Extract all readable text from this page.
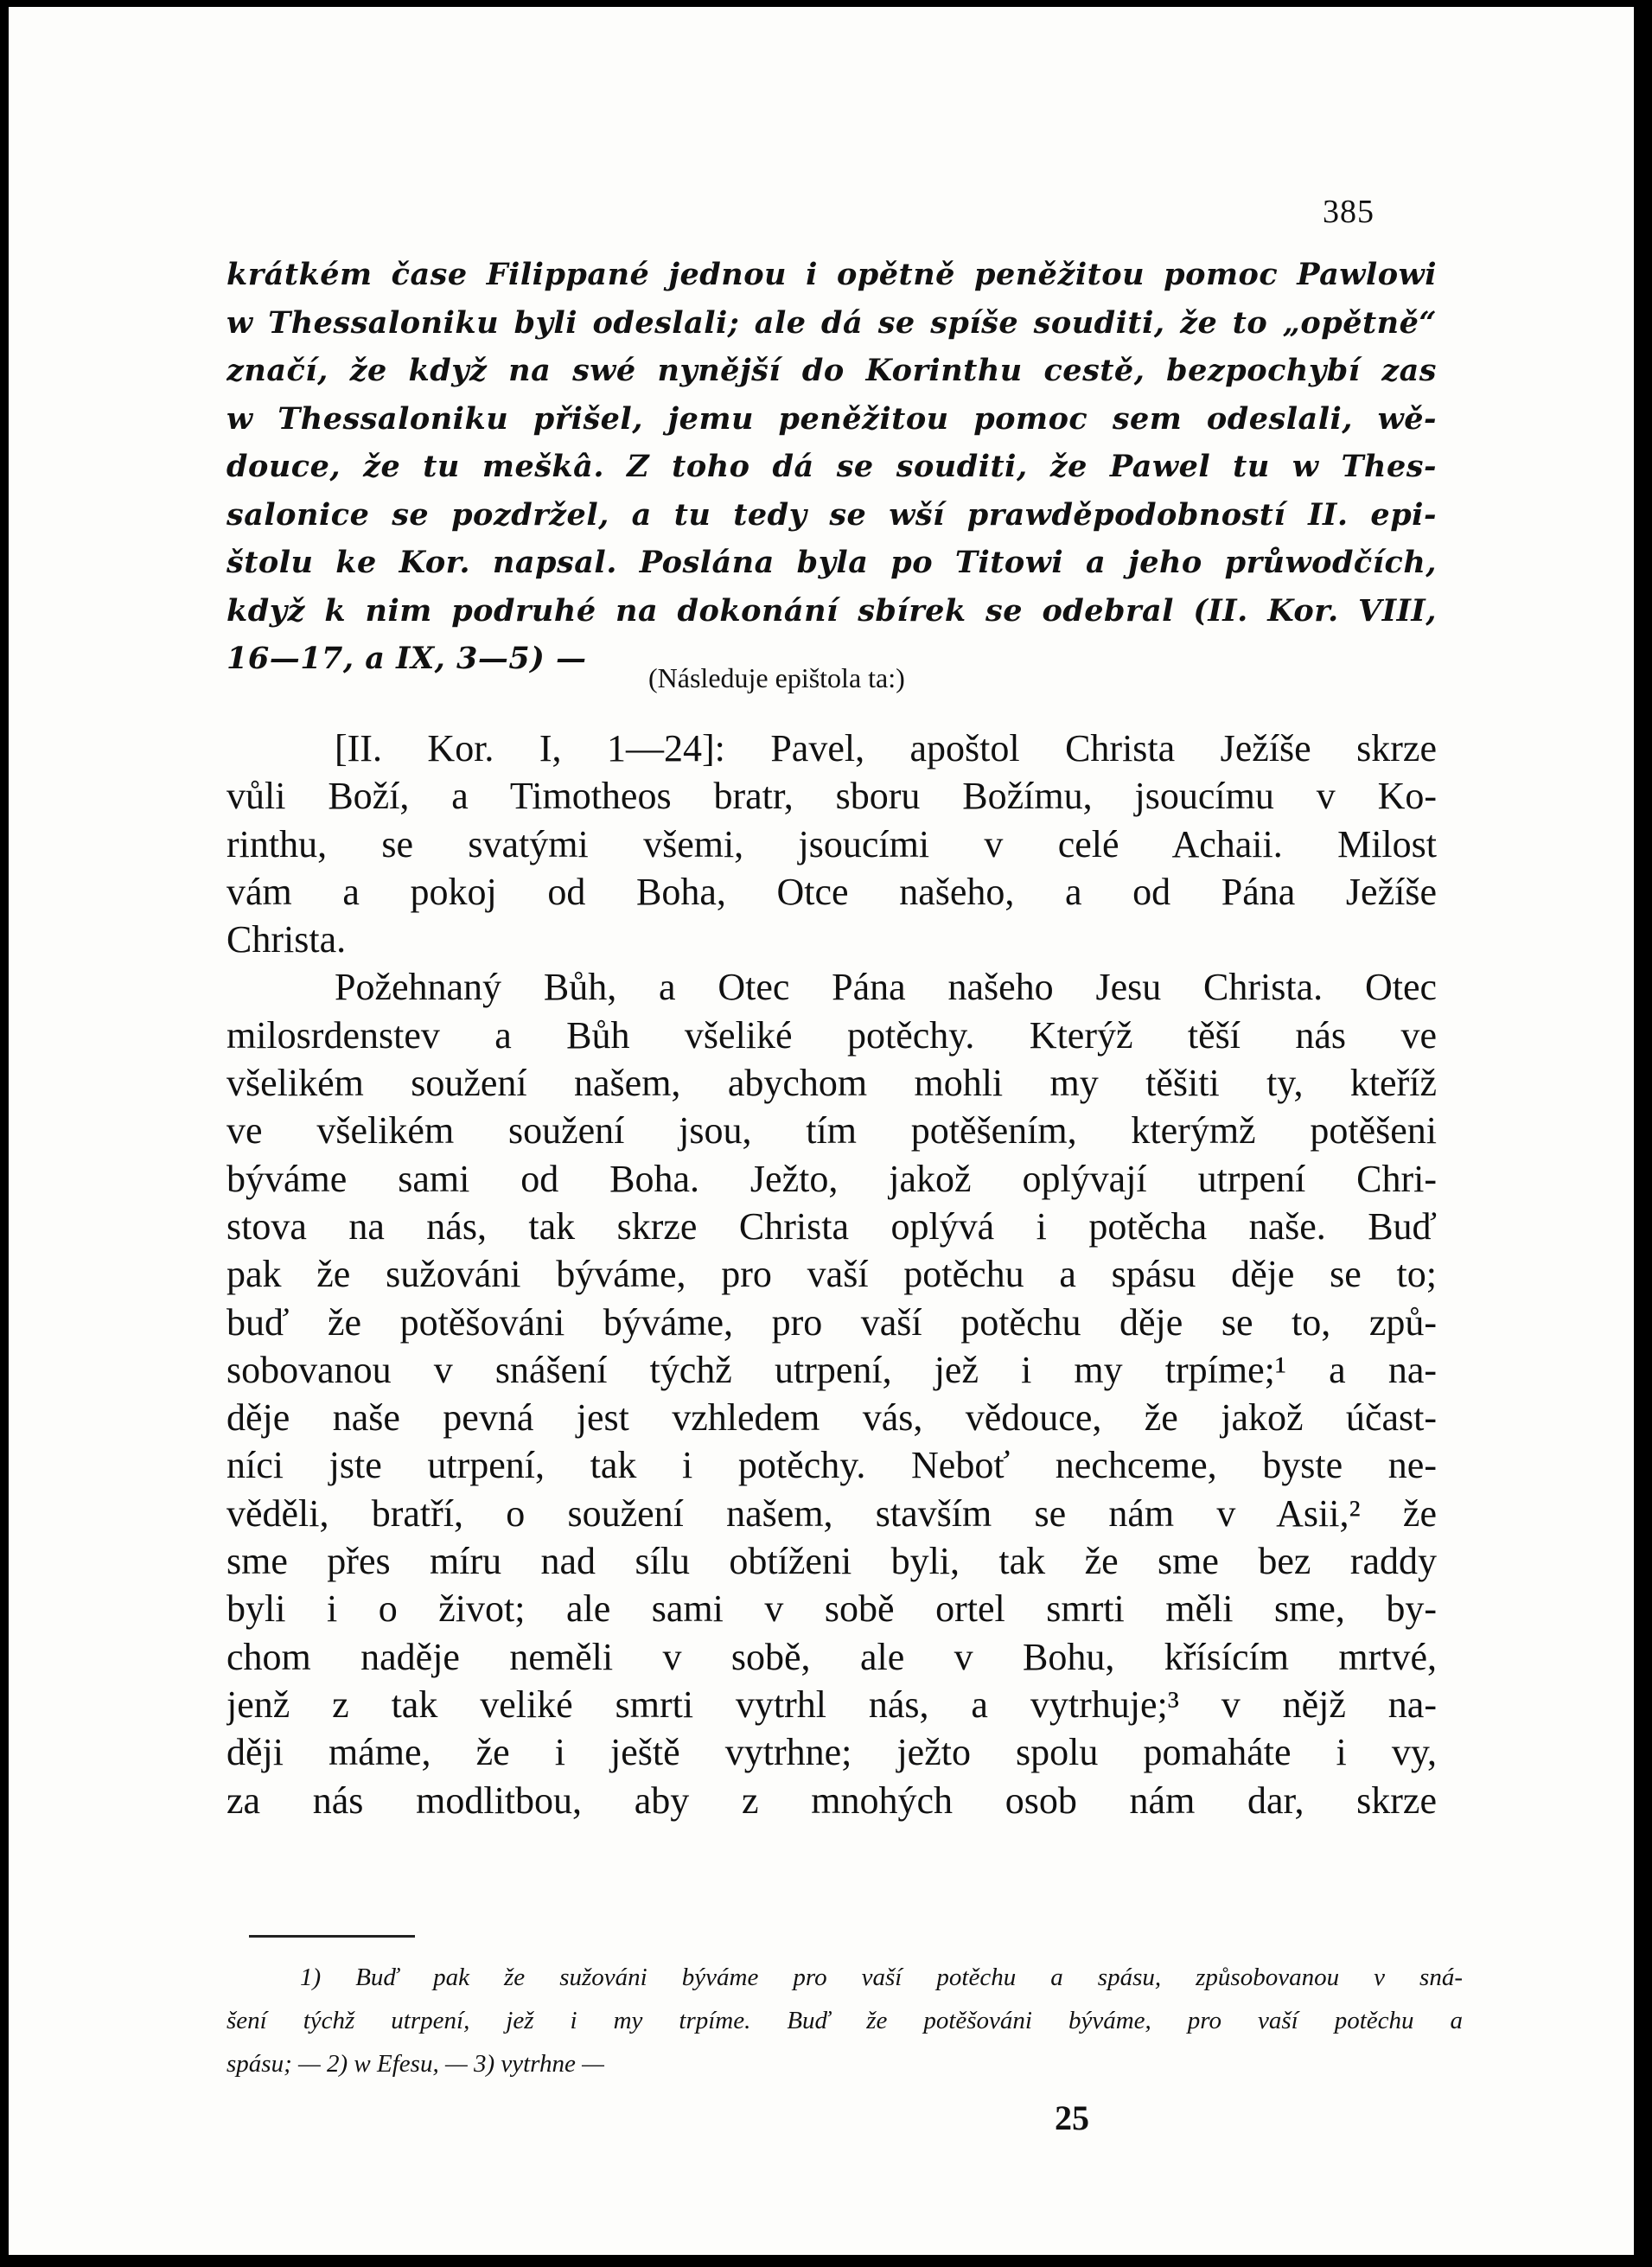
385
krátkém čase Filippané jednou i opětně peněžitou pomoc Pawlowi
w Thessaloniku byli odeslali; ale dá se spíše souditi, že to „opětně“
značí, že když na swé nynější do Korinthu cestě, bezpochybí zas
w Thessaloniku přišel, jemu peněžitou pomoc sem odeslali, wě-
douce, že tu meškâ. Z toho dá se souditi, že Pawel tu w Thes-
salonice se pozdržel, a tu tedy se wší prawděpodobností II. epi-
štolu ke Kor. napsal. Poslána byla po Titowi a jeho průwodčích,
když k nim podruhé na dokonání sbírek se odebral (II. Kor. VIII,
16—17, a IX, 3—5) —
(Následuje epištola ta:)
[II. Kor. I, 1—24]: Pavel, apoštol Christa Ježíše skrze
vůli Boží, a Timotheos bratr, sboru Božímu, jsoucímu v Ko-
rinthu, se svatými všemi, jsoucími v celé Achaii. Milost
vám a pokoj od Boha, Otce našeho, a od Pána Ježíše
Christa.
Požehnaný Bůh, a Otec Pána našeho Jesu Christa. Otec
milosrdenstev a Bůh všeliké potěchy. Kterýž těší nás ve
všelikém soužení našem, abychom mohli my těšiti ty, kteříž
ve všelikém soužení jsou, tím potěšením, kterýmž potěšeni
býváme sami od Boha. Ježto, jakož oplývají utrpení Chri-
stova na nás, tak skrze Christa oplývá i potěcha naše. Buď
pak že sužováni býváme, pro vaší potěchu a spásu děje se to;
buď že potěšováni býváme, pro vaší potěchu děje se to, způ-
sobovanou v snášení týchž utrpení, jež i my trpíme;¹ a na-
děje naše pevná jest vzhledem vás, vědouce, že jakož účast-
níci jste utrpení, tak i potěchy. Neboť nechceme, byste ne-
věděli, bratří, o soužení našem, stavším se nám v Asii,² že
sme přes míru nad sílu obtíženi byli, tak že sme bez raddy
byli i o život; ale sami v sobě ortel smrti měli sme, by-
chom naděje neměli v sobě, ale v Bohu, křísícím mrtvé,
jenž z tak veliké smrti vytrhl nás, a vytrhuje;³ v nějž na-
ději máme, že i ještě vytrhne; ježto spolu pomaháte i vy,
za nás modlitbou, aby z mnohých osob nám dar, skrze
1) Buď pak že sužováni býváme pro vaší potěchu a spásu, způsobovanou v sná-
šení týchž utrpení, jež i my trpíme. Buď že potěšováni býváme, pro vaší potěchu a
spásu; — 2) w Efesu, — 3) vytrhne —
25
